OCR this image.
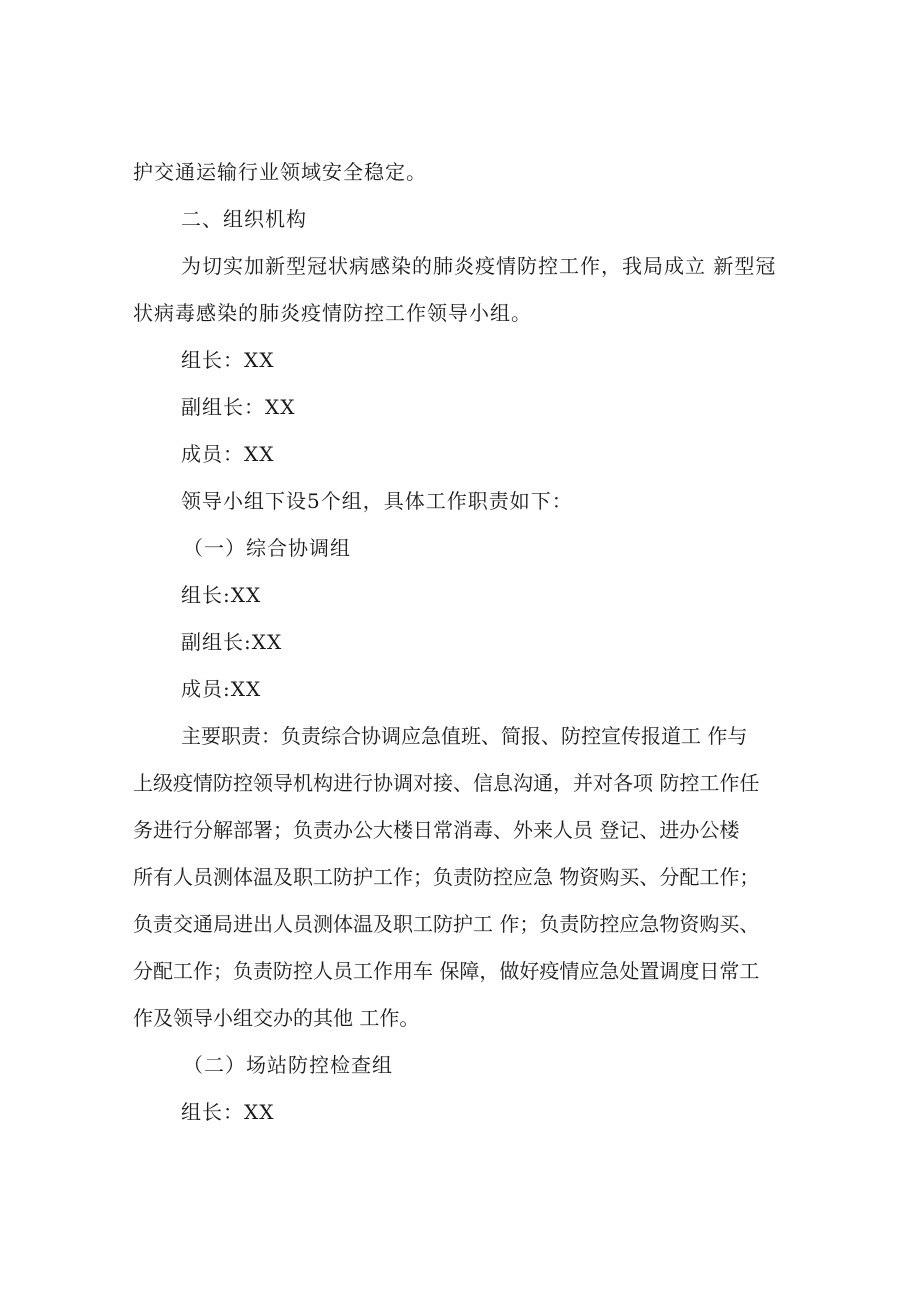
护交通运输行业领域安全稳定。
二、组织机构
为切实加新型冠状病感染的肺炎疫情防控工作，我局成立 新型冠
状病毒感染的肺炎疫情防控工作领导小组。
组长：XX
副组长：XX
成员：XX
领导小组下设5个组，具体工作职责如下：
（一）综合协调组
组长:XX
副组长:XX
成员:XX
主要职责：负责综合协调应急值班、简报、防控宣传报道工 作与
上级疫情防控领导机构进行协调对接、信息沟通，并对各项 防控工作任
务进行分解部署；负责办公大楼日常消毒、外来人员 登记、进办公楼
所有人员测体温及职工防护工作；负责防控应急 物资购买、分配工作；
负责交通局进出人员测体温及职工防护工 作；负责防控应急物资购买、
分配工作；负责防控人员工作用车 保障，做好疫情应急处置调度日常工
作及领导小组交办的其他 工作。
（二）场站防控检查组
组长：XX
